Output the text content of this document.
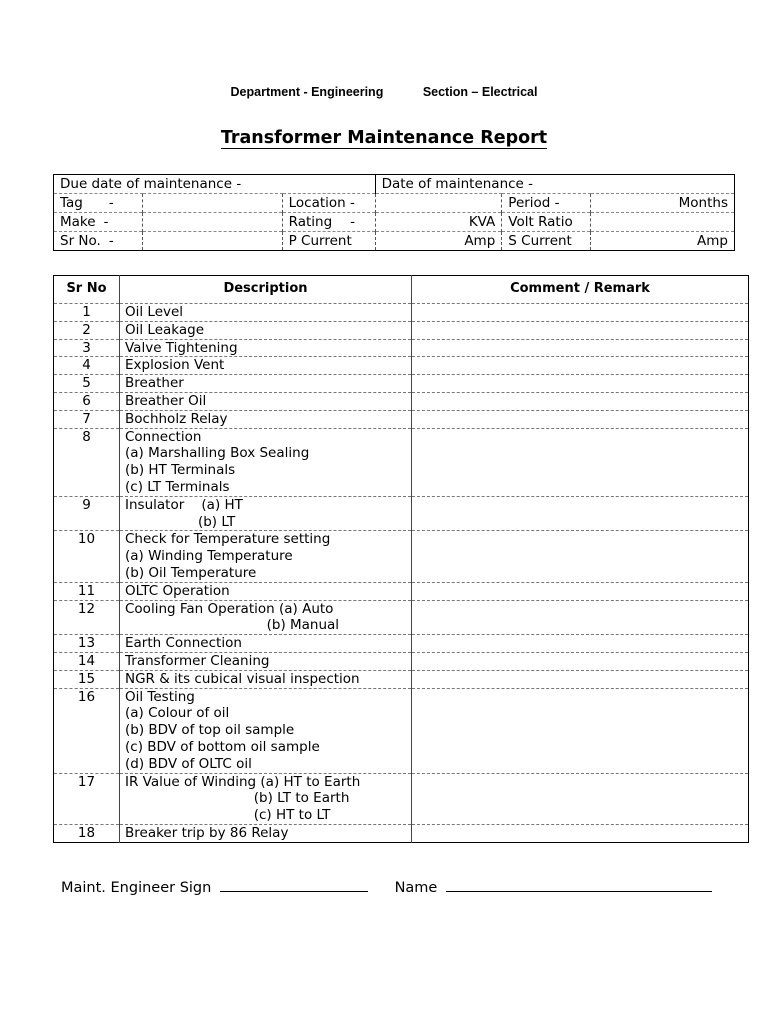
Department - Engineering	Section – Electrical
Transformer Maintenance Report
Due date of maintenance -			Date of maintenance -		
Tag -		Location -		Period -	Months
Make -		Rating -	KVA	Volt Ratio	
Sr No. -		P Current	Amp	S Current	Amp
Sr No	Description	Comment / Remark
1	Oil Level	

2	Oil Leakage	

3	Valve Tightening	

4	Explosion Vent	

5	Breather	

6	Breather Oil	

7	Bochholz Relay	

8	Connection
(a) Marshalling Box Sealing
(b) HT Terminals
(c) LT Terminals	

9	Insulator    (a) HT
(b) LT	

10	Check for Temperature setting
(a) Winding Temperature
(b) Oil Temperature	

11	OLTC Operation	

12	Cooling Fan Operation (a) Auto
(b) Manual	

13	Earth Connection	

14	Transformer Cleaning	

15	NGR & its cubical visual inspection	

16	Oil Testing
(a) Colour of oil
(b) BDV of top oil sample
(c) BDV of bottom oil sample
(d) BDV of OLTC oil	

17	IR Value of Winding (a) HT to Earth
(b) LT to Earth
(c) HT to LT	

18	Breaker trip by 86 Relay	

Maint. Engineer Sign	Name
